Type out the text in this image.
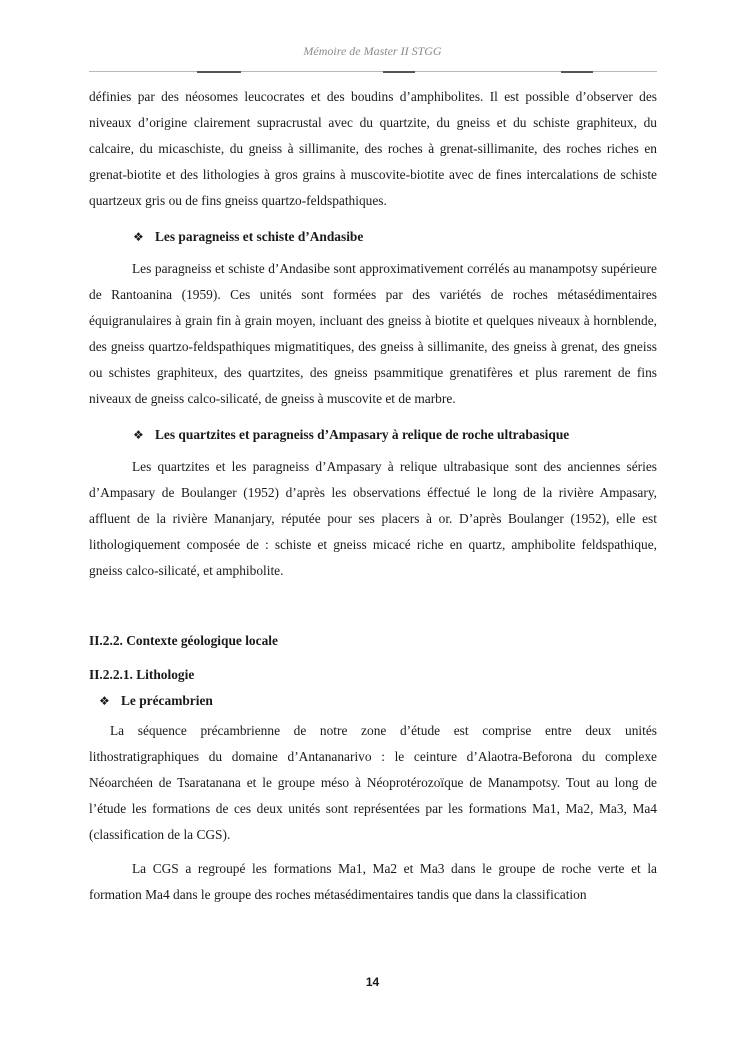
Mémoire de Master II STGG

définies par des néosomes leucocrates et des boudins d’amphibolites. Il est possible d’observer des niveaux d’origine clairement supracrustal avec du quartzite, du gneiss et du schiste graphiteux, du calcaire, du micaschiste, du gneiss à sillimanite, des roches à grenat-sillimanite, des roches riches en grenat-biotite et des lithologies à gros grains à muscovite-biotite avec de fines intercalations de schiste quartzeux gris ou de fins gneiss quartzo-feldspathiques.

❖ Les paragneiss et schiste d’Andasibe

Les paragneiss et schiste d’Andasibe sont approximativement corrélés au manampotsy supérieure de Rantoanina (1959). Ces unités sont formées par des variétés de roches métasédimentaires équigranulaires à grain fin à grain moyen, incluant des gneiss à biotite et quelques niveaux à hornblende, des gneiss quartzo-feldspathiques migmatitiques, des gneiss à sillimanite, des gneiss à grenat, des gneiss ou schistes graphiteux, des quartzites, des gneiss psammitique grenatifères et plus rarement de fins niveaux de gneiss calco-silicaté, de gneiss à muscovite et de marbre.

❖ Les quartzites et paragneiss d’Ampasary à relique de roche ultrabasique

Les quartzites et les paragneiss d’Ampasary à relique ultrabasique sont des anciennes séries d’Ampasary de Boulanger (1952) d’après les observations éffectué le long de la rivière Ampasary, affluent de la rivière Mananjary, réputée pour ses placers à or. D’après Boulanger (1952), elle est lithologiquement composée de : schiste et gneiss micacé riche en quartz, amphibolite feldspathique, gneiss calco-silicaté, et amphibolite.

II.2.2. Contexte géologique locale

II.2.2.1. Lithologie

❖ Le précambrien

La séquence précambrienne de notre zone d’étude est comprise entre deux unités lithostratigraphiques du domaine d’Antananarivo : le ceinture d’Alaotra-Beforona du complexe Néoarchéen de Tsaratanana et le groupe méso à Néoprotérozoïque de Manampotsy. Tout au long de l’étude les formations de ces deux unités sont représentées par les formations Ma1, Ma2, Ma3, Ma4 (classification de la CGS).

La CGS a regroupé les formations Ma1, Ma2 et Ma3 dans le groupe de roche verte et la formation Ma4 dans le groupe des roches métasédimentaires tandis que dans la classification

14
